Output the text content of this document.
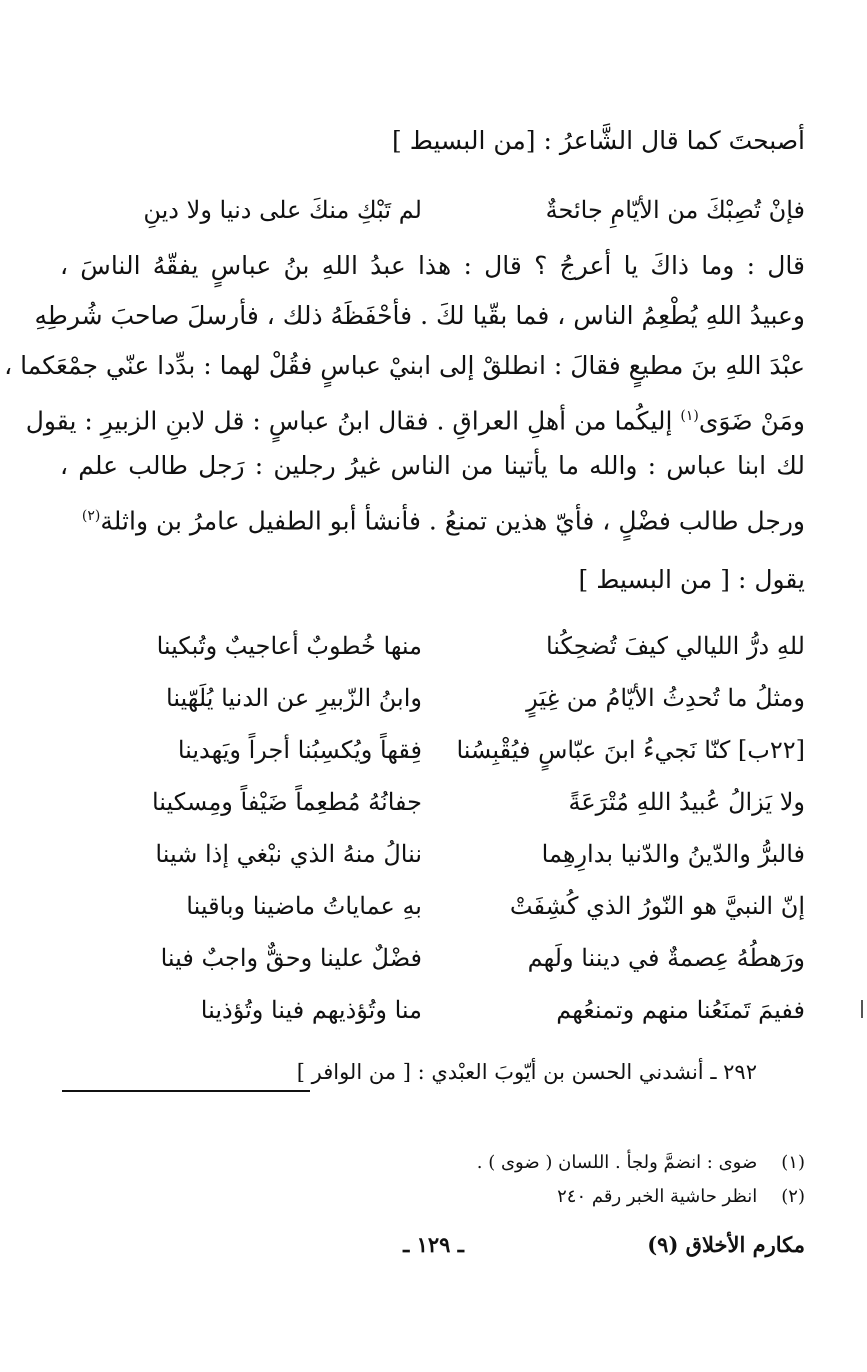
أصبحتَ كما قال الشَّاعرُ : [من البسيط ]
فإنْ تُصِبْكَ من الأيّامِ جائحةٌ
لم تَبْكِ منكَ على دنيا ولا دينِ
قال : وما ذاكَ يا أعرجُ ؟ قال : هذا عبدُ اللهِ بنُ عباسٍ يفقّهُ الناسَ ،
وعبيدُ اللهِ يُطْعِمُ الناس ، فما بقّيا لكَ . فأحْفَظَهُ ذلك ، فأرسلَ صاحبَ شُرطِهِ
عبْدَ اللهِ بنَ مطيعٍ فقالَ : انطلقْ إلى ابنيْ عباسٍ فقُلْ لهما : بدِّدا عنّي جمْعَكما ،
ومَنْ ضَوَى$^{(١)}$ إليكُما من أهلِ العراقِ . فقال ابنُ عباسٍ : قل لابنِ الزبيرِ : يقول
لك ابنا عباس : والله ما يأتينا من الناس غيرُ رجلين : رَجل طالب علم ،
ورجل طالب فضْلٍ ، فأيّ هذين تمنعُ . فأنشأ أبو الطفيل عامرُ بن واثلة$^{(٢)}$
يقول : [ من البسيط ]
للهِ درُّ الليالي كيفَ تُضحِكُنا
منها خُطوبٌ أعاجيبٌ وتُبكينا
ومثلُ ما تُحدِثُ الأيّامُ من غِيَرٍ
وابنُ الزّبيرِ عن الدنيا يُلَهّينا
[٢٢ب] كنّا نَجيءُ ابنَ عبّاسٍ فيُقْبِسُنا
فِقهاً ويُكسِبُنا أجراً ويَهدينا
ولا يَزالُ عُبيدُ اللهِ مُتْرَعَةً
جفانُهُ مُطعِماً ضَيْفاً ومِسكينا
فالبرُّ والدّينُ والدّنيا بدارِهِما
ننالُ منهُ الذي نبْغي إذا شينا
إنّ النبيَّ هو النّورُ الذي كُشِفَتْ
بهِ عماياتُ ماضينا وباقينا
ورَهطُهُ عِصمةٌ في ديننا ولَهم
فضْلٌ علينا وحقٌّ واجبٌ فينا
ففيمَ تَمنَعُنا منهم وتمنعُهم
منا وتُؤذيهم فينا وتُؤذينا
٢٩٢ ـ أنشدني الحسن بن أيّوبَ العبْدي : [ من الوافر ]
(١) ضوى : انضمَّ ولجأ . اللسان ( ضوى ) .
(٢) انظر حاشية الخبر رقم ٢٤٠
مكارم الأخلاق (٩)
ـ ١٢٩ ـ
